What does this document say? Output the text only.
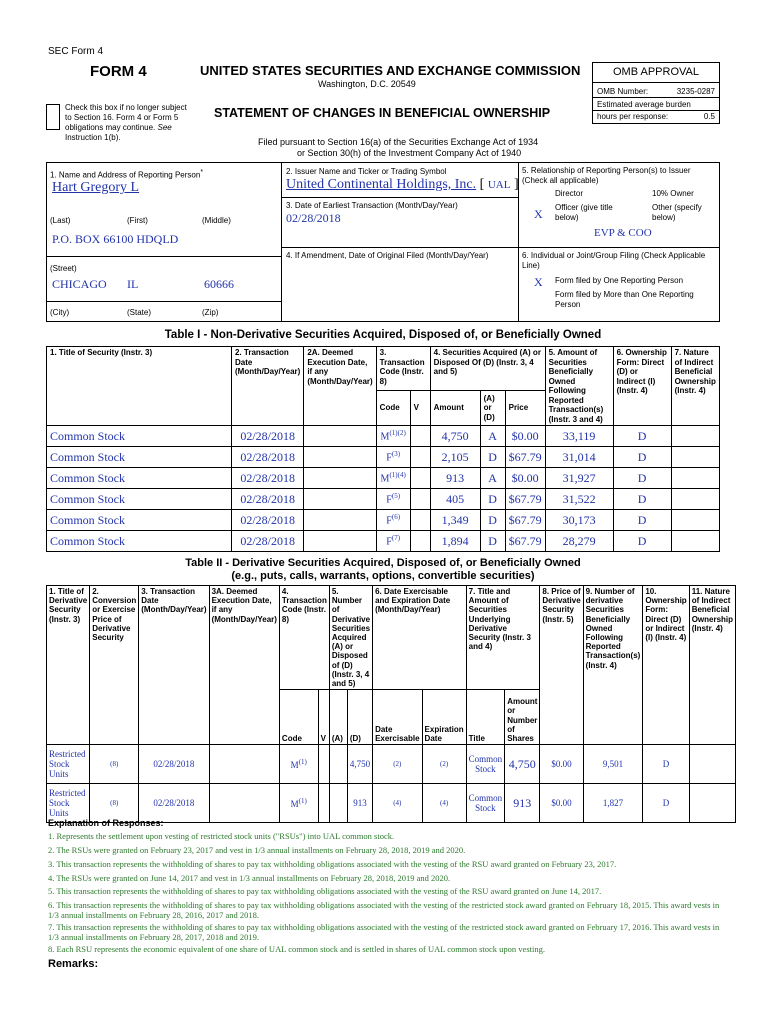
SEC Form 4
FORM 4	UNITED STATES SECURITIES AND EXCHANGE COMMISSION
Washington, D.C. 20549
Check this box if no longer subject to Section 16. Form 4 or Form 5 obligations may continue. See Instruction 1(b).
STATEMENT OF CHANGES IN BENEFICIAL OWNERSHIP
Filed pursuant to Section 16(a) of the Securities Exchange Act of 1934
or Section 30(h) of the Investment Company Act of 1940
OMB APPROVAL
OMB Number:	3235-0287
Estimated average burden
hours per response:	0.5
1. Name and Address of Reporting Person*
Hart Gregory L
(Last)	(First)	(Middle)
P.O. BOX 66100 HDQLD
(Street)
CHICAGO IL	60666
(City)	(State)	(Zip)
2. Issuer Name and Ticker or Trading Symbol
United Continental Holdings, Inc. [ UAL ]
3. Date of Earliest Transaction (Month/Day/Year)
02/28/2018
4. If Amendment, Date of Original Filed (Month/Day/Year)
5. Relationship of Reporting Person(s) to Issuer
(Check all applicable)
Director	10% Owner
X Officer (give title below)
Other (specify below)
EVP & COO
6. Individual or Joint/Group Filing (Check Applicable Line)
X Form filed by One Reporting Person
Form filed by More than One Reporting Person
Table I - Non-Derivative Securities Acquired, Disposed of, or Beneficially Owned
1. Title of Security (Instr. 3)	2. Transaction Date (Month/Day/Year)	2A. Deemed Execution Date, if any (Month/Day/Year)	3. Transaction Code (Instr. 8)		4. Securities Acquired (A) or Disposed Of (D) (Instr. 3, 4 and 5)			5. Amount of Securities Beneficially Owned Following Reported Transaction(s) (Instr. 3 and 4)	6. Ownership Form: Direct (D) or Indirect (I) (Instr. 4)	7. Nature of Indirect Beneficial Ownership (Instr. 4)
			Code	V	Amount	(A) or (D)	Price			
Common Stock	02/28/2018		$M^{(1)(2)}$		4,750	A	$0.00	33,119	D	
Common Stock	02/28/2018		$F^{(3)}$		2,105	D	$67.79	31,014	D	
Common Stock	02/28/2018		$M^{(1)(4)}$		913	A	$0.00	31,927	D	
Common Stock	02/28/2018		$F^{(5)}$		405	D	$67.79	31,522	D	
Common Stock	02/28/2018		$F^{(6)}$		1,349	D	$67.79	30,173	D	
Common Stock	02/28/2018		$F^{(7)}$		1,894	D	$67.79	28,279	D	
Table II - Derivative Securities Acquired, Disposed of, or Beneficially Owned
(e.g., puts, calls, warrants, options, convertible securities)
1. Title of Derivative Security (Instr. 3)	2. Conversion or Exercise Price of Derivative Security	3. Transaction Date (Month/Day/Year)	3A. Deemed Execution Date, if any (Month/Day/Year)	4. Transaction Code (Instr. 8)		5. Number of Derivative Securities Acquired (A) or Disposed of (D) (Instr. 3, 4 and 5)		6. Date Exercisable and Expiration Date (Month/Day/Year)		7. Title and Amount of Securities Underlying Derivative Security (Instr. 3 and 4)		8. Price of Derivative Security (Instr. 5)	9. Number of derivative Securities Beneficially Owned Following Reported Transaction(s) (Instr. 4)	10. Ownership Form: Direct (D) or Indirect (I) (Instr. 4)	11. Nature of Indirect Beneficial Ownership (Instr. 4)
				Code	V	(A)	(D)	Date Exercisable	Expiration Date	Title	Amount or Number of Shares				
Restricted Stock Units	(8)	02/28/2018		$M^{(1)}$			4,750	(2)	(2)	Common Stock	4,750	$0.00	9,501	D	
Restricted Stock Units	(8)	02/28/2018		$M^{(1)}$			913	(4)	(4)	Common Stock	913	$0.00	1,827	D	
Explanation of Responses:
1. Represents the settlement upon vesting of restricted stock units ("RSUs") into UAL common stock.
2. The RSUs were granted on February 23, 2017 and vest in 1/3 annual installments on February 28, 2018, 2019 and 2020.
3. This transaction represents the withholding of shares to pay tax withholding obligations associated with the vesting of the RSU award granted on February 23, 2017.
4. The RSUs were granted on June 14, 2017 and vest in 1/3 annual installments on February 28, 2018, 2019 and 2020.
5. This transaction represents the withholding of shares to pay tax withholding obligations associated with the vesting of the RSU award granted on June 14, 2017.
6. This transaction represents the withholding of shares to pay tax withholding obligations associated with the vesting of the restricted stock award granted on February 18, 2015. This award vests in 1/3 annual installments on February 28, 2016, 2017 and 2018.
7. This transaction represents the withholding of shares to pay tax withholding obligations associated with the vesting of the restricted stock award granted on February 17, 2016. This award vests in 1/3 annual installments on February 28, 2017, 2018 and 2019.
8. Each RSU represents the economic equivalent of one share of UAL common stock and is settled in shares of UAL common stock upon vesting.
Remarks:
